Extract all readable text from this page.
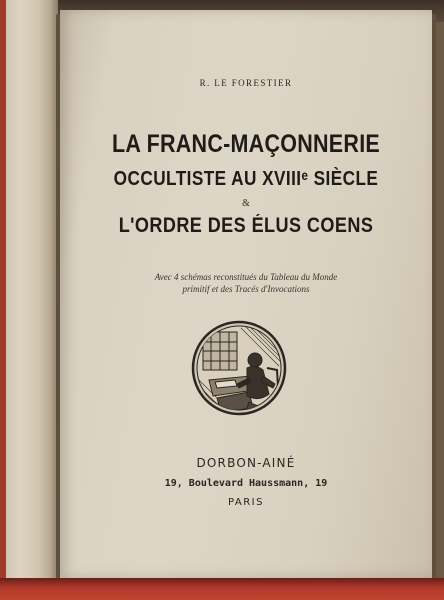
R. LE FORESTIER
LA FRANC-MAÇONNERIE
OCCULTISTE AU XVIIIᵉ SIÈCLE
&
L'ORDRE DES ÉLUS COENS
Avec 4 schémas reconstitués du Tableau du Monde
primitif et des Tracés d'Invocations
DORBON-AINÉ
19, Boulevard Haussmann, 19
PARIS
